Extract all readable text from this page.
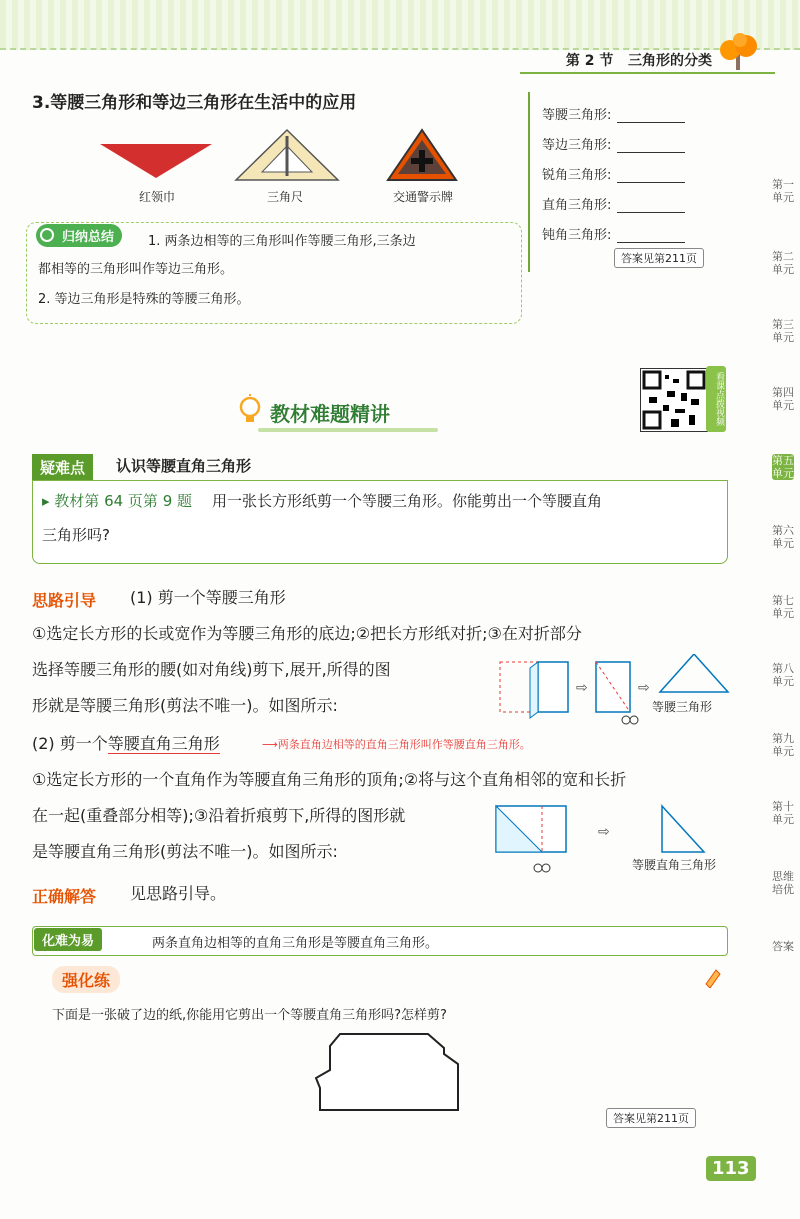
第 2 节 三角形的分类
3.等腰三角形和等边三角形在生活中的应用
红领巾	三角尺	交通警示牌
归纳总结	1. 两条边相等的三角形叫作等腰三角形,三条边
都相等的三角形叫作等边三角形。
2. 等边三角形是特殊的等腰三角形。
等腰三角形:
等边三角形:
锐角三角形:
直角三角形:
钝角三角形:
答案见第211页
第一单元
第二单元
第三单元
第四单元
第五单元
第六单元
第七单元
第八单元
第九单元
第十单元
思维培优
答案
看课点拨视频
教材难题精讲
疑难点	认识等腰直角三角形
▸ 教材第 64 页第 9 题 用一张长方形纸剪一个等腰三角形。你能剪出一个等腰直角
三角形吗?
思路引导 (1) 剪一个等腰三角形
①选定长方形的长或宽作为等腰三角形的底边;②把长方形纸对折;③在对折部分
选择等腰三角形的腰(如对角线)剪下,展开,所得的图
形就是等腰三角形(剪法不唯一)。如图所示:
⇨	⇨
等腰三角形
(2) 剪一个等腰直角三角形	⟶两条直角边相等的直角三角形叫作等腰直角三角形。
①选定长方形的一个直角作为等腰直角三角形的顶角;②将与这个直角相邻的宽和长折
在一起(重叠部分相等);③沿着折痕剪下,所得的图形就
是等腰直角三角形(剪法不唯一)。如图所示:
⇨
等腰直角三角形
正确解答 见思路引导。
化难为易	两条直角边相等的直角三角形是等腰直角三角形。
强化练
下面是一张破了边的纸,你能用它剪出一个等腰直角三角形吗?怎样剪?
答案见第211页
113
